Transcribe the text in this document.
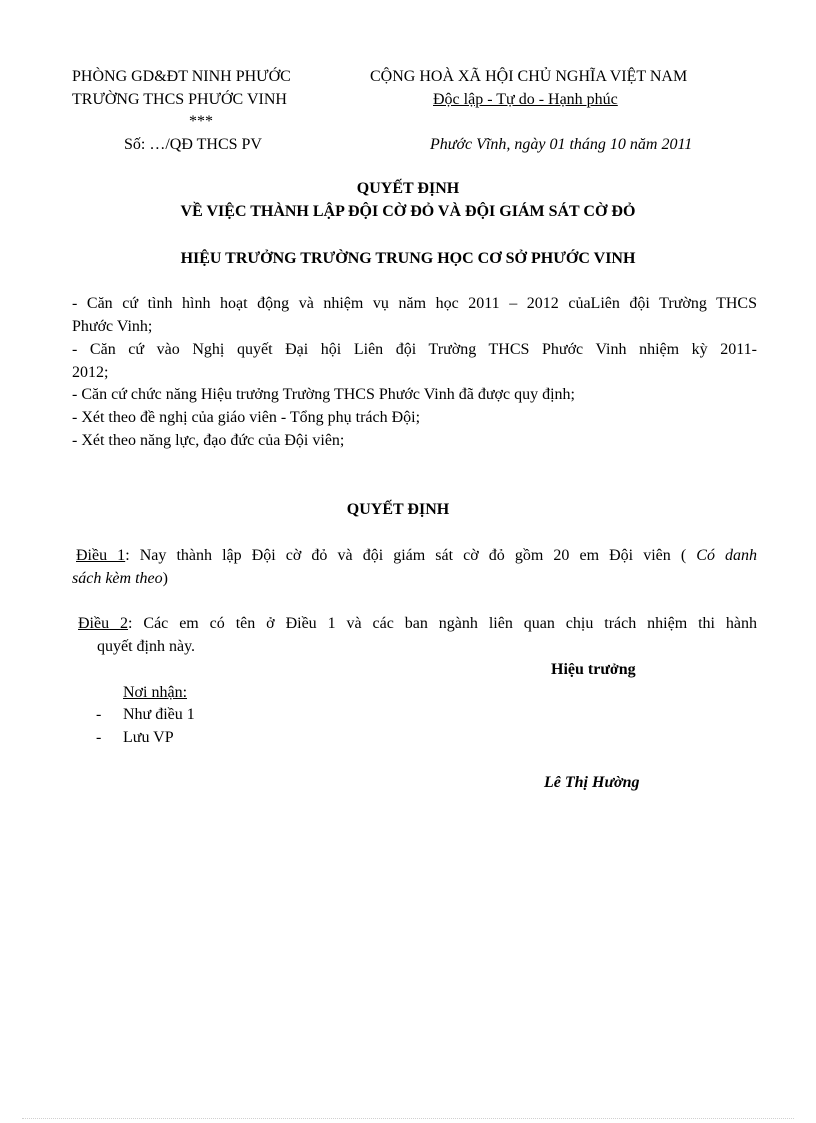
PHÒNG GD&ĐT NINH PHƯỚC
TRƯỜNG THCS PHƯỚC VINH
***
Số: …/QĐ THCS PV
CỘNG HOÀ XÃ HỘI CHỦ NGHĨA VIỆT NAM
Độc lập - Tự do - Hạnh phúc
Phước Vĩnh, ngày 01 tháng 10 năm 2011
QUYẾT ĐỊNH
VỀ VIỆC THÀNH LẬP ĐỘI CỜ ĐỎ VÀ ĐỘI GIÁM SÁT CỜ ĐỎ
HIỆU TRƯỞNG TRƯỜNG TRUNG HỌC CƠ SỞ PHƯỚC VINH
- Căn cứ tình hình hoạt động và nhiệm vụ năm học 2011 – 2012 củaLiên đội Trường THCS
Phước Vinh;
- Căn cứ vào Nghị quyết Đại hội Liên đội Trường THCS Phước Vinh nhiệm kỳ 2011-
2012;
- Căn cứ chức năng Hiệu trưởng Trường THCS Phước Vinh đã được quy định;
- Xét theo đề nghị của giáo viên - Tổng phụ trách Đội;
- Xét theo năng lực, đạo đức của Đội viên;
QUYẾT ĐỊNH
Điều 1: Nay thành lập Đội cờ đỏ và đội giám sát cờ đỏ gồm 20 em Đội viên ( Có danh
sách kèm theo)
Điều 2: Các em có tên ở Điều 1 và các ban ngành liên quan chịu trách nhiệm thi hành
quyết định này.
Hiệu trưởng
Nơi nhận:
- Như điều 1
- Lưu VP
Lê Thị Hường
